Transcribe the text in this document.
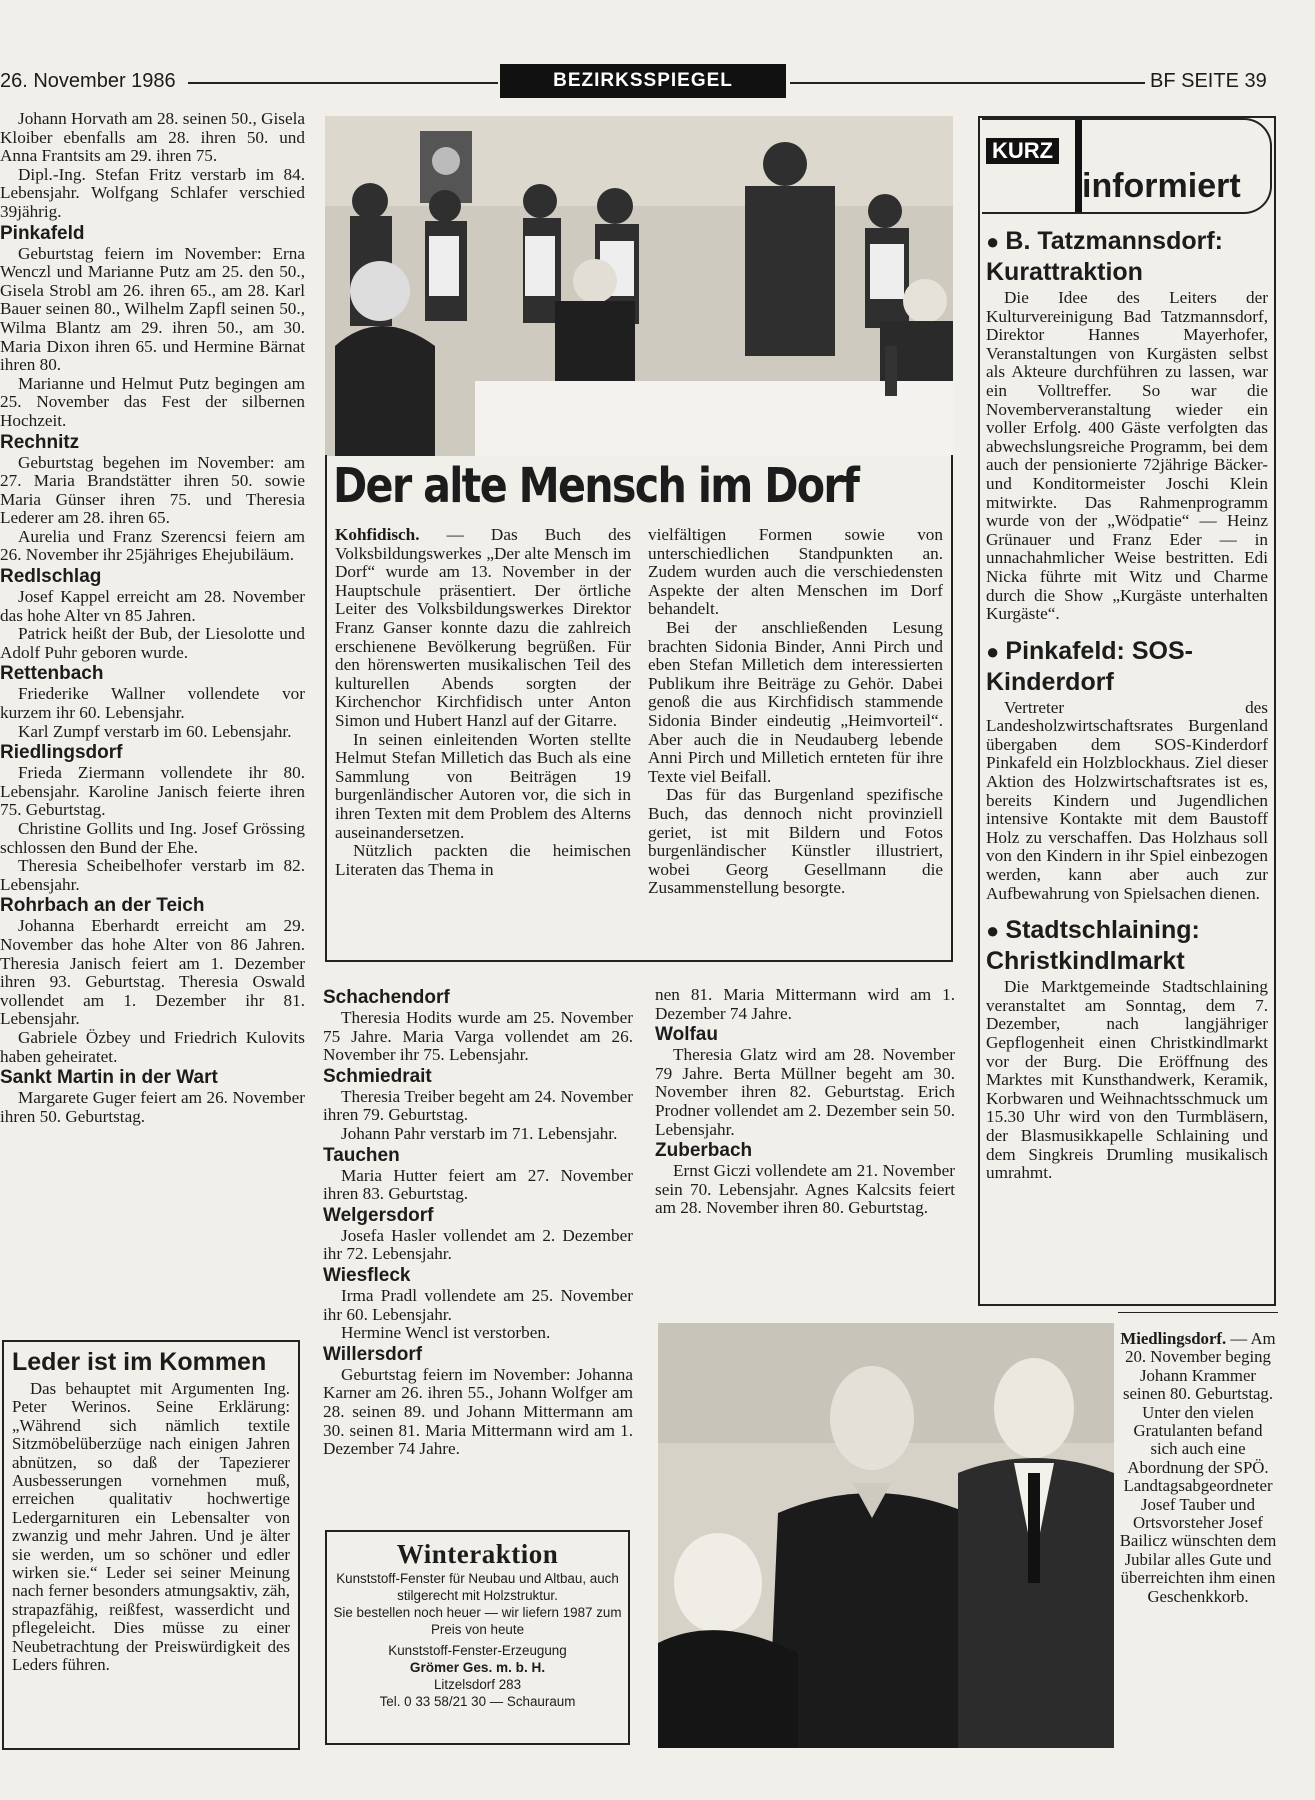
26. November 1986	BEZIRKSSPIEGEL	BF SEITE 39

Johann Horvath am 28. seinen 50., Gisela Kloiber ebenfalls am 28. ihren 50. und Anna Frantsits am 29. ihren 75.

Dipl.-Ing. Stefan Fritz verstarb im 84. Lebensjahr. Wolfgang Schlafer verschied 39jährig.

Pinkafeld

Geburtstag feiern im November: Erna Wenczl und Marianne Putz am 25. den 50., Gisela Strobl am 26. ihren 65., am 28. Karl Bauer seinen 80., Wilhelm Zapfl seinen 50., Wilma Blantz am 29. ihren 50., am 30. Maria Dixon ihren 65. und Hermine Bärnat ihren 80.

Marianne und Helmut Putz begingen am 25. November das Fest der silbernen Hochzeit.

Rechnitz

Geburtstag begehen im November: am 27. Maria Brandstätter ihren 50. sowie Maria Günser ihren 75. und Theresia Lederer am 28. ihren 65.

Aurelia und Franz Szerencsi feiern am 26. November ihr 25jähriges Ehejubiläum.

Redlschlag

Josef Kappel erreicht am 28. November das hohe Alter vn 85 Jahren.

Patrick heißt der Bub, der Liesolotte und Adolf Puhr geboren wurde.

Rettenbach

Friederike Wallner vollendete vor kurzem ihr 60. Lebensjahr.

Karl Zumpf verstarb im 60. Lebensjahr.

Riedlingsdorf

Frieda Ziermann vollendete ihr 80. Lebensjahr. Karoline Janisch feierte ihren 75. Geburtstag.

Christine Gollits und Ing. Josef Grössing schlossen den Bund der Ehe.

Theresia Scheibelhofer verstarb im 82. Lebensjahr.

Rohrbach an der Teich

Johanna Eberhardt erreicht am 29. November das hohe Alter von 86 Jahren. Theresia Janisch feiert am 1. Dezember ihren 93. Geburtstag. Theresia Oswald vollendet am 1. Dezember ihr 81. Lebensjahr.

Gabriele Özbey und Friedrich Kulovits haben geheiratet.

Sankt Martin in der Wart

Margarete Guger feiert am 26. November ihren 50. Geburtstag.

Leder ist im Kommen
Das behauptet mit Argumenten Ing. Peter Werinos. Seine Erklärung: „Während sich nämlich textile Sitzmöbelüberzüge nach einigen Jahren abnützen, so daß der Tapezierer Ausbesserungen vornehmen muß, erreichen qualitativ hochwertige Ledergarnituren ein Lebensalter von zwanzig und mehr Jahren. Und je älter sie werden, um so schöner und edler wirken sie.“ Leder sei seiner Meinung nach ferner besonders atmungsaktiv, zäh, strapazfähig, reißfest, wasserdicht und pflegeleicht. Dies müsse zu einer Neubetrachtung der Preiswürdigkeit des Leders führen.
Der alte Mensch im Dorf

Kohfidisch. — Das Buch des Volksbildungswerkes „Der alte Mensch im Dorf“ wurde am 13. November in der Hauptschule präsentiert. Der örtliche Leiter des Volksbildungswerkes Direktor Franz Ganser konnte dazu die zahlreich erschienene Bevölkerung begrüßen. Für den hörenswerten musikalischen Teil des kulturellen Abends sorgten der Kirchenchor Kirchfidisch unter Anton Simon und Hubert Hanzl auf der Gitarre.

In seinen einleitenden Worten stellte Helmut Stefan Milletich das Buch als eine Sammlung von Beiträgen 19 burgenländischer Autoren vor, die sich in ihren Texten mit dem Problem des Alterns auseinandersetzen.

Nützlich packten die heimischen Literaten das Thema in

vielfältigen Formen sowie von unterschiedlichen Standpunkten an. Zudem wurden auch die verschiedensten Aspekte der alten Menschen im Dorf behandelt.

Bei der anschließenden Lesung brachten Sidonia Binder, Anni Pirch und eben Stefan Milletich dem interessierten Publikum ihre Beiträge zu Gehör. Dabei genoß die aus Kirchfidisch stammende Sidonia Binder eindeutig „Heimvorteil“. Aber auch die in Neudauberg lebende Anni Pirch und Milletich ernteten für ihre Texte viel Beifall.

Das für das Burgenland spezifische Buch, das dennoch nicht provinziell geriet, ist mit Bildern und Fotos burgenländischer Künstler illustriert, wobei Georg Gesellmann die Zusammenstellung besorgte.

Schachendorf

Theresia Hodits wurde am 25. November 75 Jahre. Maria Varga vollendet am 26. November ihr 75. Lebensjahr.

Schmiedrait

Theresia Treiber begeht am 24. November ihren 79. Geburtstag.

Johann Pahr verstarb im 71. Lebensjahr.

Tauchen

Maria Hutter feiert am 27. November ihren 83. Geburtstag.

Welgersdorf

Josefa Hasler vollendet am 2. Dezember ihr 72. Lebensjahr.

Wiesfleck

Irma Pradl vollendete am 25. November ihr 60. Lebensjahr.

Hermine Wencl ist verstorben.

Willersdorf

Geburtstag feiern im November: Johanna Karner am 26. ihren 55., Johann Wolfger am 28. seinen 89. und Johann Mittermann am 30. seinen 81. Maria Mittermann wird am 1. Dezember 74 Jahre.

nen 81. Maria Mittermann wird am 1. Dezember 74 Jahre.

Wolfau

Theresia Glatz wird am 28. November 79 Jahre. Berta Müllner begeht am 30. November ihren 82. Geburtstag. Erich Prodner vollendet am 2. Dezember sein 50. Lebensjahr.

Zuberbach

Ernst Giczi vollendete am 21. November sein 70. Lebensjahr. Agnes Kalcsits feiert am 28. November ihren 80. Geburtstag.

Winteraktion
Kunststoff-Fenster für Neubau und Altbau, auch stilgerecht mit Holzstruktur.
Sie bestellen noch heuer — wir liefern 1987 zum Preis von heute
Kunststoff-Fenster-Erzeugung
Grömer Ges. m. b. H.
Litzelsdorf 283
Tel. 0 33 58/21 30 — Schauraum
KURZ
informiert
● B. Tatzmannsdorf: Kurattraktion

Die Idee des Leiters der Kulturvereinigung Bad Tatzmannsdorf, Direktor Hannes Mayerhofer, Veranstaltungen von Kurgästen selbst als Akteure durchführen zu lassen, war ein Volltreffer. So war die Novemberveranstaltung wieder ein voller Erfolg. 400 Gäste verfolgten das abwechslungsreiche Programm, bei dem auch der pensionierte 72jährige Bäcker- und Konditormeister Joschi Klein mitwirkte. Das Rahmenprogramm wurde von der „Wödpatie“ — Heinz Grünauer und Franz Eder — in unnachahmlicher Weise bestritten. Edi Nicka führte mit Witz und Charme durch die Show „Kurgäste unterhalten Kurgäste“.

● Pinkafeld: SOS-Kinderdorf

Vertreter des Landesholzwirtschaftsrates Burgenland übergaben dem SOS-Kinderdorf Pinkafeld ein Holzblockhaus. Ziel dieser Aktion des Holzwirtschaftsrates ist es, bereits Kindern und Jugendlichen intensive Kontakte mit dem Baustoff Holz zu verschaffen. Das Holzhaus soll von den Kindern in ihr Spiel einbezogen werden, kann aber auch zur Aufbewahrung von Spielsachen dienen.

● Stadtschlaining: Christkindlmarkt

Die Marktgemeinde Stadtschlaining veranstaltet am Sonntag, dem 7. Dezember, nach langjähriger Gepflogenheit einen Christkindlmarkt vor der Burg. Die Eröffnung des Marktes mit Kunsthandwerk, Keramik, Korbwaren und Weihnachtsschmuck um 15.30 Uhr wird von den Turmbläsern, der Blasmusikkapelle Schlaining und dem Singkreis Drumling musikalisch umrahmt.

Miedlingsdorf. — Am 20. November beging Johann Krammer seinen 80. Geburtstag. Unter den vielen Gratulanten befand sich auch eine Abordnung der SPÖ. Landtagsabgeordneter Josef Tauber und Ortsvorsteher Josef Bailicz wünschten dem Jubilar alles Gute und überreichten ihm einen Geschenkkorb.
